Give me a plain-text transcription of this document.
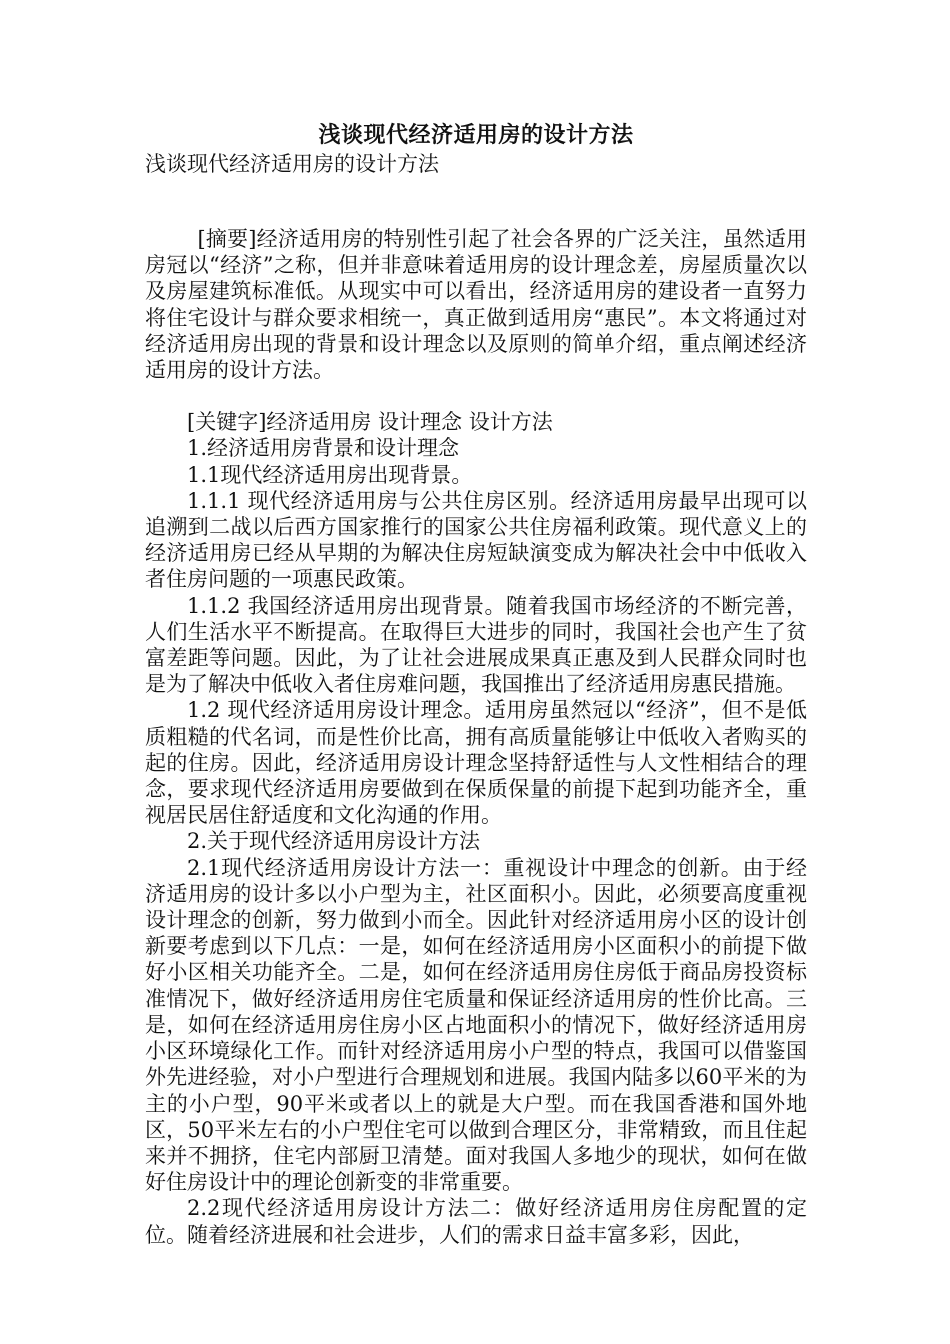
浅谈现代经济适用房的设计方法

浅谈现代经济适用房的设计方法

[摘要]经济适用房的特别性引起了社会各界的广泛关注，虽然适用房冠以“经济”之称，但并非意味着适用房的设计理念差，房屋质量次以及房屋建筑标准低。从现实中可以看出，经济适用房的建设者一直努力将住宅设计与群众要求相统一，真正做到适用房“惠民”。本文将通过对经济适用房出现的背景和设计理念以及原则的简单介绍，重点阐述经济适用房的设计方法。

[关键字]经济适用房 设计理念 设计方法

1.经济适用房背景和设计理念

1.1现代经济适用房出现背景。

1.1.1 现代经济适用房与公共住房区别。经济适用房最早出现可以追溯到二战以后西方国家推行的国家公共住房福利政策。现代意义上的经济适用房已经从早期的为解决住房短缺演变成为解决社会中中低收入者住房问题的一项惠民政策。

1.1.2 我国经济适用房出现背景。随着我国市场经济的不断完善，人们生活水平不断提高。在取得巨大进步的同时，我国社会也产生了贫富差距等问题。因此，为了让社会进展成果真正惠及到人民群众同时也是为了解决中低收入者住房难问题，我国推出了经济适用房惠民措施。

1.2 现代经济适用房设计理念。适用房虽然冠以“经济”，但不是低质粗糙的代名词，而是性价比高，拥有高质量能够让中低收入者购买的起的住房。因此，经济适用房设计理念坚持舒适性与人文性相结合的理念，要求现代经济适用房要做到在保质保量的前提下起到功能齐全，重视居民居住舒适度和文化沟通的作用。

2.关于现代经济适用房设计方法

2.1现代经济适用房设计方法一：重视设计中理念的创新。由于经济适用房的设计多以小户型为主，社区面积小。因此，必须要高度重视设计理念的创新，努力做到小而全。因此针对经济适用房小区的设计创新要考虑到以下几点：一是，如何在经济适用房小区面积小的前提下做好小区相关功能齐全。二是，如何在经济适用房住房低于商品房投资标准情况下，做好经济适用房住宅质量和保证经济适用房的性价比高。三是，如何在经济适用房住房小区占地面积小的情况下，做好经济适用房小区环境绿化工作。而针对经济适用房小户型的特点，我国可以借鉴国外先进经验，对小户型进行合理规划和进展。我国内陆多以60平米的为主的小户型，90平米或者以上的就是大户型。而在我国香港和国外地区，50平米左右的小户型住宅可以做到合理区分，非常精致，而且住起来并不拥挤，住宅内部厨卫清楚。面对我国人多地少的现状，如何在做好住房设计中的理论创新变的非常重要。

2.2现代经济适用房设计方法二：做好经济适用房住房配置的定位。随着经济进展和社会进步，人们的需求日益丰富多彩，因此，
